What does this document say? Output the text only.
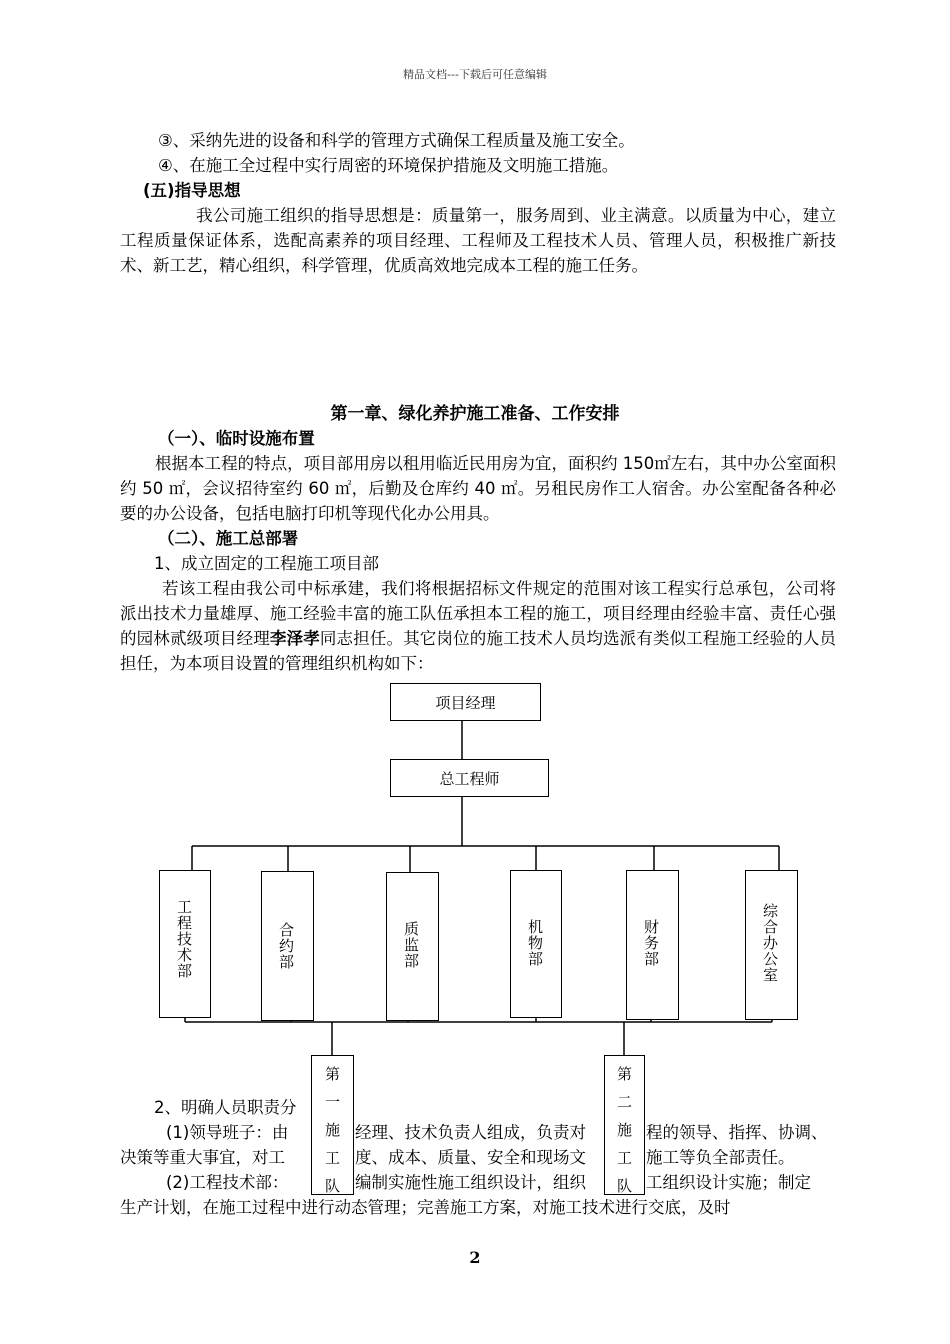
精品文档---下载后可任意编辑
③、采纳先进的设备和科学的管理方式确保工程质量及施工安全。
④、在施工全过程中实行周密的环境保护措施及文明施工措施。
(五)指导思想
我公司施工组织的指导思想是：质量第一，服务周到、业主满意。以质量为中心，建立工程质量保证体系，选配高素养的项目经理、工程师及工程技术人员、管理人员，积极推广新技术、新工艺，精心组织，科学管理，优质高效地完成本工程的施工任务。
第一章、绿化养护施工准备、工作安排
（一）、临时设施布置
根据本工程的特点，项目部用房以租用临近民用房为宜，面积约 150㎡左右，其中办公室面积约 50 ㎡，会议招待室约 60 ㎡，后勤及仓库约 40 ㎡。另租民房作工人宿舍。办公室配备各种必要的办公设备，包括电脑打印机等现代化办公用具。
（二）、施工总部署
1、成立固定的工程施工项目部
若该工程由我公司中标承建，我们将根据招标文件规定的范围对该工程实行总承包，公司将派出技术力量雄厚、施工经验丰富的施工队伍承担本工程的施工，项目经理由经验丰富、责任心强的园林贰级项目经理李泽孝同志担任。其它岗位的施工技术人员均选派有类似工程施工经验的人员担任，为本项目设置的管理组织机构如下：
项目经理
总工程师
工程技术部	合约部	质监部	机物部	财务部	综合办公室
2、明确人员职责分
(1)领导班子：由	经理、技术负责人组成，负责对	程的领导、指挥、协调、
决策等重大事宜，对工	度、成本、质量、安全和现场文	施工等负全部责任。
(2)工程技术部：	编制实施性施工组织设计，组织	工组织设计实施；制定
生产计划，在施工过程中进行动态管理；完善施工方案，对施工技术进行交底，及时
第
一
施
工
队
第
二
施
工
队
2
